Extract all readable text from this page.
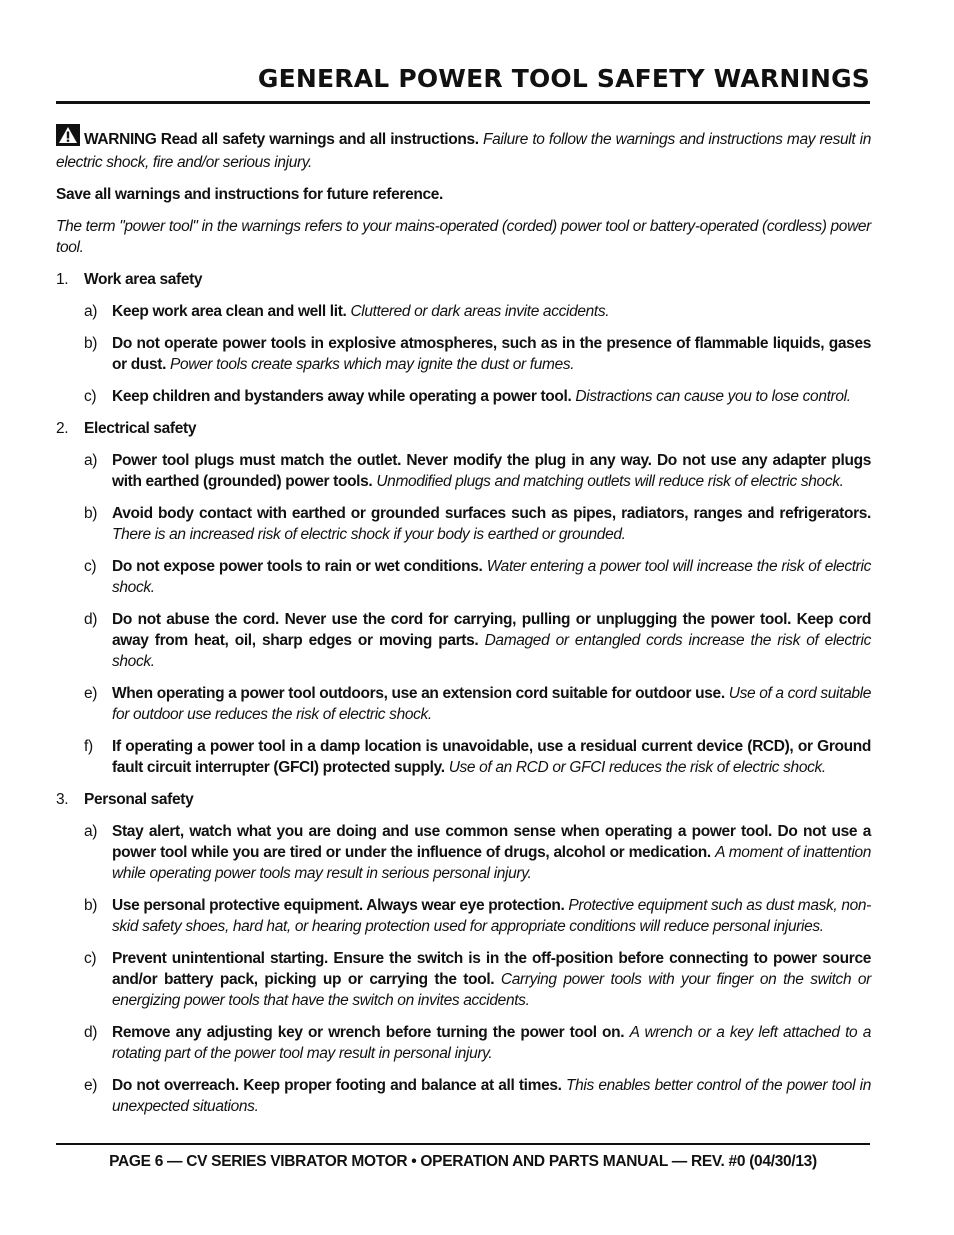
GENERAL POWER TOOL SAFETY WARNINGS

WARNING Read all safety warnings and all instructions. Failure to follow the warnings and instructions may result in electric shock, fire and/or serious injury.

Save all warnings and instructions for future reference.

The term "power tool" in the warnings refers to your mains-operated (corded) power tool or battery-operated (cordless) power tool.

1. Work area safety

a) Keep work area clean and well lit. Cluttered or dark areas invite accidents.

b) Do not operate power tools in explosive atmospheres, such as in the presence of flammable liquids, gases or dust. Power tools create sparks which may ignite the dust or fumes.

c) Keep children and bystanders away while operating a power tool. Distractions can cause you to lose control.

2. Electrical safety

a) Power tool plugs must match the outlet. Never modify the plug in any way. Do not use any adapter plugs with earthed (grounded) power tools. Unmodified plugs and matching outlets will reduce risk of electric shock.

b) Avoid body contact with earthed or grounded surfaces such as pipes, radiators, ranges and refrigerators. There is an increased risk of electric shock if your body is earthed or grounded.

c) Do not expose power tools to rain or wet conditions. Water entering a power tool will increase the risk of electric shock.

d) Do not abuse the cord. Never use the cord for carrying, pulling or unplugging the power tool. Keep cord away from heat, oil, sharp edges or moving parts. Damaged or entangled cords increase the risk of electric shock.

e) When operating a power tool outdoors, use an extension cord suitable for outdoor use. Use of a cord suitable for outdoor use reduces the risk of electric shock.

f) If operating a power tool in a damp location is unavoidable, use a residual current device (RCD), or Ground fault circuit interrupter (GFCI) protected supply. Use of an RCD or GFCI reduces the risk of electric shock.

3. Personal safety

a) Stay alert, watch what you are doing and use common sense when operating a power tool. Do not use a power tool while you are tired or under the influence of drugs, alcohol or medication. A moment of inattention while operating power tools may result in serious personal injury.

b) Use personal protective equipment. Always wear eye protection. Protective equipment such as dust mask, non-skid safety shoes, hard hat, or hearing protection used for appropriate conditions will reduce personal injuries.

c) Prevent unintentional starting. Ensure the switch is in the off-position before connecting to power source and/or battery pack, picking up or carrying the tool. Carrying power tools with your finger on the switch or energizing power tools that have the switch on invites accidents.

d) Remove any adjusting key or wrench before turning the power tool on. A wrench or a key left attached to a rotating part of the power tool may result in personal injury.

e) Do not overreach. Keep proper footing and balance at all times. This enables better control of the power tool in unexpected situations.

PAGE 6 — CV SERIES VIBRATOR MOTOR • OPERATION AND PARTS MANUAL — REV. #0 (04/30/13)
